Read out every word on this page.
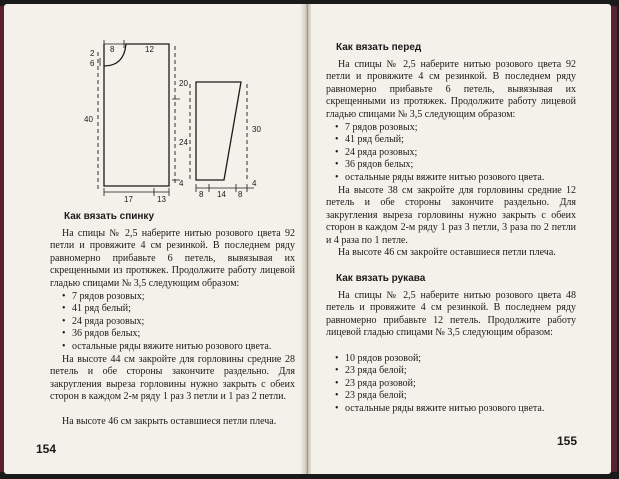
2
6
8	12
40
20
24
4
17	13
30
8 14 8
4
Как вязать спинку

На спицы № 2,5 наберите нитью розового цвета 92 петли и провяжите 4 см резинкой. В последнем ряду равномерно прибавьте 6 петель, вывязывая их скрещенными из протяжек. Продолжите работу лицевой гладью спицами № 3,5 следующим образом:

• 7 рядов розовых;
• 41 ряд белый;
• 24 ряда розовых;
• 36 рядов белых;
• остальные ряды вяжите нитью розового цвета.

На высоте 44 см закройте для горловины средние 28 петель и обе стороны закончите раздельно. Для закругления выреза горловины нужно закрыть с обеих сторон в каждом 2-м ряду 1 раз 3 петли и 1 раз 2 петли.

На высоте 46 см закрыть оставшиеся петли плеча.

154
Как вязать перед

На спицы № 2,5 наберите нитью розового цвета 92 петли и провяжите 4 см резинкой. В последнем ряду равномерно прибавьте 6 петель, вывязывая их скрещенными из протяжек. Продолжите работу лицевой гладью спицами № 3,5 следующим образом:

• 7 рядов розовых;
• 41 ряд белый;
• 24 ряда розовых;
• 36 рядов белых;
• остальные ряды вяжите нитью розового цвета.

На высоте 38 см закройте для горловины средние 12 петель и обе стороны закончите раздельно. Для закругления выреза горловины нужно закрыть с обеих сторон в каждом 2-м ряду 1 раз 3 петли, 3 раза по 2 петли и 4 раза по 1 петле.

На высоте 46 см закройте оставшиеся петли плеча.

Как вязать рукава

На спицы № 2,5 наберите нитью розового цвета 48 петель и провяжите 4 см резинкой. В последнем ряду равномерно прибавьте 12 петель. Продолжите работу лицевой гладью спицами № 3,5 следующим образом:

• 10 рядов розовой;
• 23 ряда белой;
• 23 ряда розовой;
• 23 ряда белой;
• остальные ряды вяжите нитью розового цвета.
155
